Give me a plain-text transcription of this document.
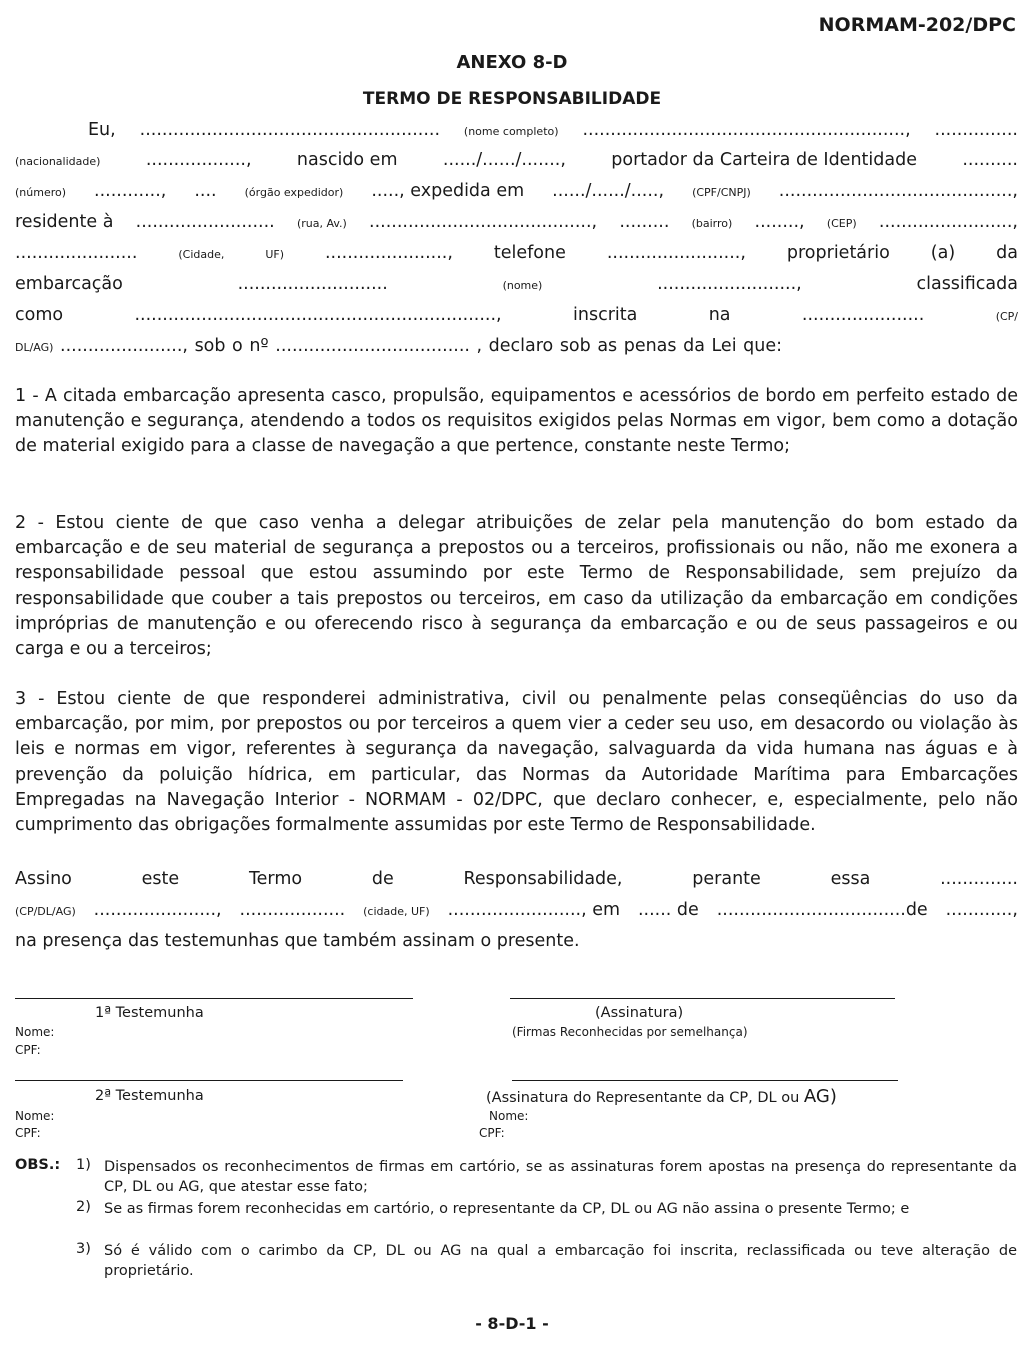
NORMAM-202/DPC
ANEXO 8-D
TERMO DE RESPONSABILIDADE
Eu, ...................................................... (nome completo) .........................................................., ...............
(nacionalidade)	..................,	nascido em	....../....../.......,	portador da Carteira de Identidade	..........
(número) ............, ....	(órgão expedidor) ....., expedida em ....../....../.....,	(CPF/CNPJ) ..........................................,
residente à ......................... (rua, Av.) ........................................, ......... (bairro) ........, (CEP) ........................,
......................	(Cidade,	UF) ......................, telefone ........................, proprietário (a) da
embarcação	...........................	(nome)	.........................,	classificada
como	.................................................................,	inscrita	na	......................	(CP/
DL/AG) ......................, sob o nº ................................... , declaro sob as penas da Lei que:
1 - A citada embarcação apresenta casco, propulsão, equipamentos e acessórios de bordo em perfeito estado de manutenção e segurança, atendendo a todos os requisitos exigidos pelas Normas em vigor, bem como a dotação de material exigido para a classe de navegação a que pertence, constante neste Termo;
2 - Estou ciente de que caso venha a delegar atribuições de zelar pela manutenção do bom estado da embarcação e de seu material de segurança a prepostos ou a terceiros, profissionais ou não, não me exonera a responsabilidade pessoal que estou assumindo por este Termo de Responsabilidade, sem prejuízo da responsabilidade que couber a tais prepostos ou terceiros, em caso da utilização da embarcação em condições impróprias de manutenção e ou oferecendo risco à segurança da embarcação e ou de seus passageiros e ou carga e ou a terceiros;
3 - Estou ciente de que responderei administrativa, civil ou penalmente pelas conseqüências do uso da embarcação, por mim, por prepostos ou por terceiros a quem vier a ceder seu uso, em desacordo ou violação às leis e normas em vigor, referentes à segurança da navegação, salvaguarda da vida humana nas águas e à prevenção da poluição hídrica, em particular, das Normas da Autoridade Marítima para Embarcações Empregadas na Navegação Interior - NORMAM - 02/DPC, que declaro conhecer, e, especialmente, pelo não cumprimento das obrigações formalmente assumidas por este Termo de Responsabilidade.
Assino	este	Termo	de	Responsabilidade,	perante	essa	..............
(CP/DL/AG) ......................, ................... (cidade, UF) ........................, em ...... de ..................................de ............,
na presença das testemunhas que também assinam o presente.
1ª Testemunha	(Assinatura)
Nome:	(Firmas Reconhecidas por semelhança)
CPF:
2ª Testemunha	(Assinatura do Representante da CP, DL ou AG)
Nome:	Nome:
CPF:	CPF:
OBS.: 1) Dispensados os reconhecimentos de firmas em cartório, se as assinaturas forem apostas na presença do representante da CP, DL ou AG, que atestar esse fato;
2) Se as firmas forem reconhecidas em cartório, o representante da CP, DL ou AG não assina o presente Termo; e
3) Só é válido com o carimbo da CP, DL ou AG na qual a embarcação foi inscrita, reclassificada ou teve alteração de proprietário.
- 8-D-1 -
